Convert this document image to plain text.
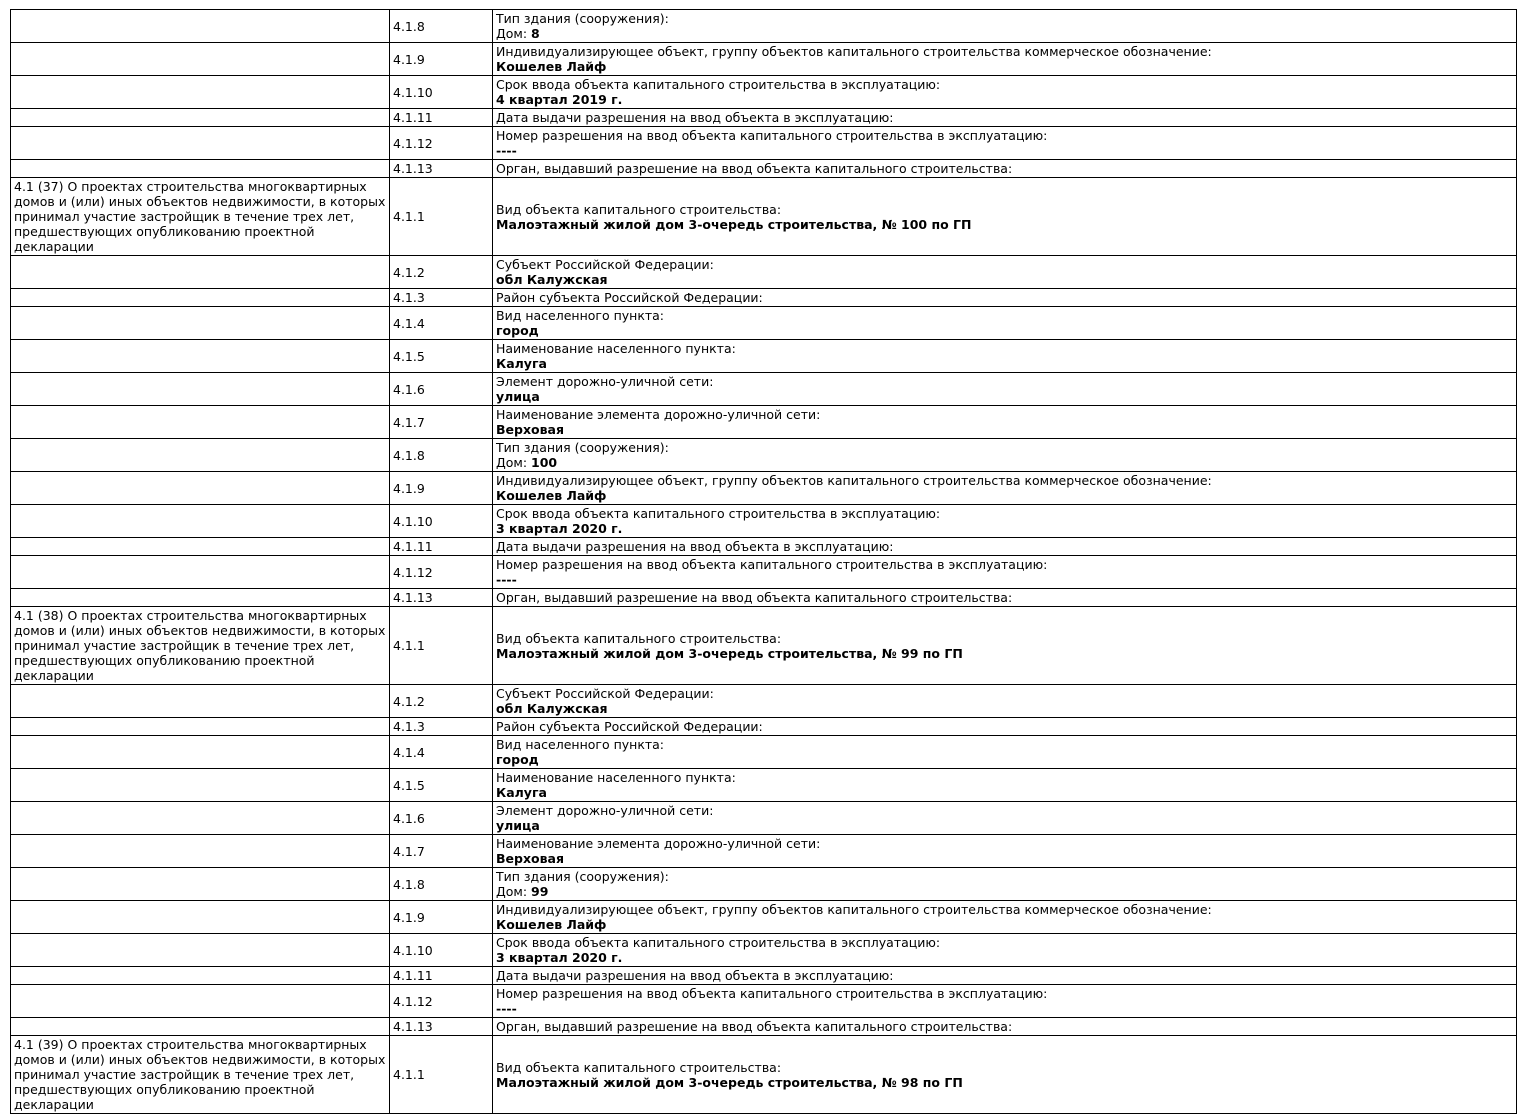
	4.1.8	Тип здания (сооружения):
Дом: 8

	4.1.9	Индивидуализирующее объект, группу объектов капитального строительства коммерческое обозначение:
Кошелев Лайф

	4.1.10	Срок ввода объекта капитального строительства в эксплуатацию:
4 квартал 2019 г.

	4.1.11	Дата выдачи разрешения на ввод объекта в эксплуатацию:

	4.1.12	Номер разрешения на ввод объекта капитального строительства в эксплуатацию:
----

	4.1.13	Орган, выдавший разрешение на ввод объекта капитального строительства:

4.1 (37) О проектах строительства многоквартирных домов и (или) иных объектов недвижимости, в которых принимал участие застройщик в течение трех лет, предшествующих опубликованию проектной декларации	4.1.1	Вид объекта капитального строительства:
Малоэтажный жилой дом 3-очередь строительства, № 100 по ГП

	4.1.2	Субъект Российской Федерации:
обл Калужская

	4.1.3	Район субъекта Российской Федерации:

	4.1.4	Вид населенного пункта:
город

	4.1.5	Наименование населенного пункта:
Калуга

	4.1.6	Элемент дорожно-уличной сети:
улица

	4.1.7	Наименование элемента дорожно-уличной сети:
Верховая

	4.1.8	Тип здания (сооружения):
Дом: 100

	4.1.9	Индивидуализирующее объект, группу объектов капитального строительства коммерческое обозначение:
Кошелев Лайф

	4.1.10	Срок ввода объекта капитального строительства в эксплуатацию:
3 квартал 2020 г.

	4.1.11	Дата выдачи разрешения на ввод объекта в эксплуатацию:

	4.1.12	Номер разрешения на ввод объекта капитального строительства в эксплуатацию:
----

	4.1.13	Орган, выдавший разрешение на ввод объекта капитального строительства:

4.1 (38) О проектах строительства многоквартирных домов и (или) иных объектов недвижимости, в которых принимал участие застройщик в течение трех лет, предшествующих опубликованию проектной декларации	4.1.1	Вид объекта капитального строительства:
Малоэтажный жилой дом 3-очередь строительства, № 99 по ГП

	4.1.2	Субъект Российской Федерации:
обл Калужская

	4.1.3	Район субъекта Российской Федерации:

	4.1.4	Вид населенного пункта:
город

	4.1.5	Наименование населенного пункта:
Калуга

	4.1.6	Элемент дорожно-уличной сети:
улица

	4.1.7	Наименование элемента дорожно-уличной сети:
Верховая

	4.1.8	Тип здания (сооружения):
Дом: 99

	4.1.9	Индивидуализирующее объект, группу объектов капитального строительства коммерческое обозначение:
Кошелев Лайф

	4.1.10	Срок ввода объекта капитального строительства в эксплуатацию:
3 квартал 2020 г.

	4.1.11	Дата выдачи разрешения на ввод объекта в эксплуатацию:

	4.1.12	Номер разрешения на ввод объекта капитального строительства в эксплуатацию:
----

	4.1.13	Орган, выдавший разрешение на ввод объекта капитального строительства:

4.1 (39) О проектах строительства многоквартирных домов и (или) иных объектов недвижимости, в которых принимал участие застройщик в течение трех лет, предшествующих опубликованию проектной декларации	4.1.1	Вид объекта капитального строительства:
Малоэтажный жилой дом 3-очередь строительства, № 98 по ГП
